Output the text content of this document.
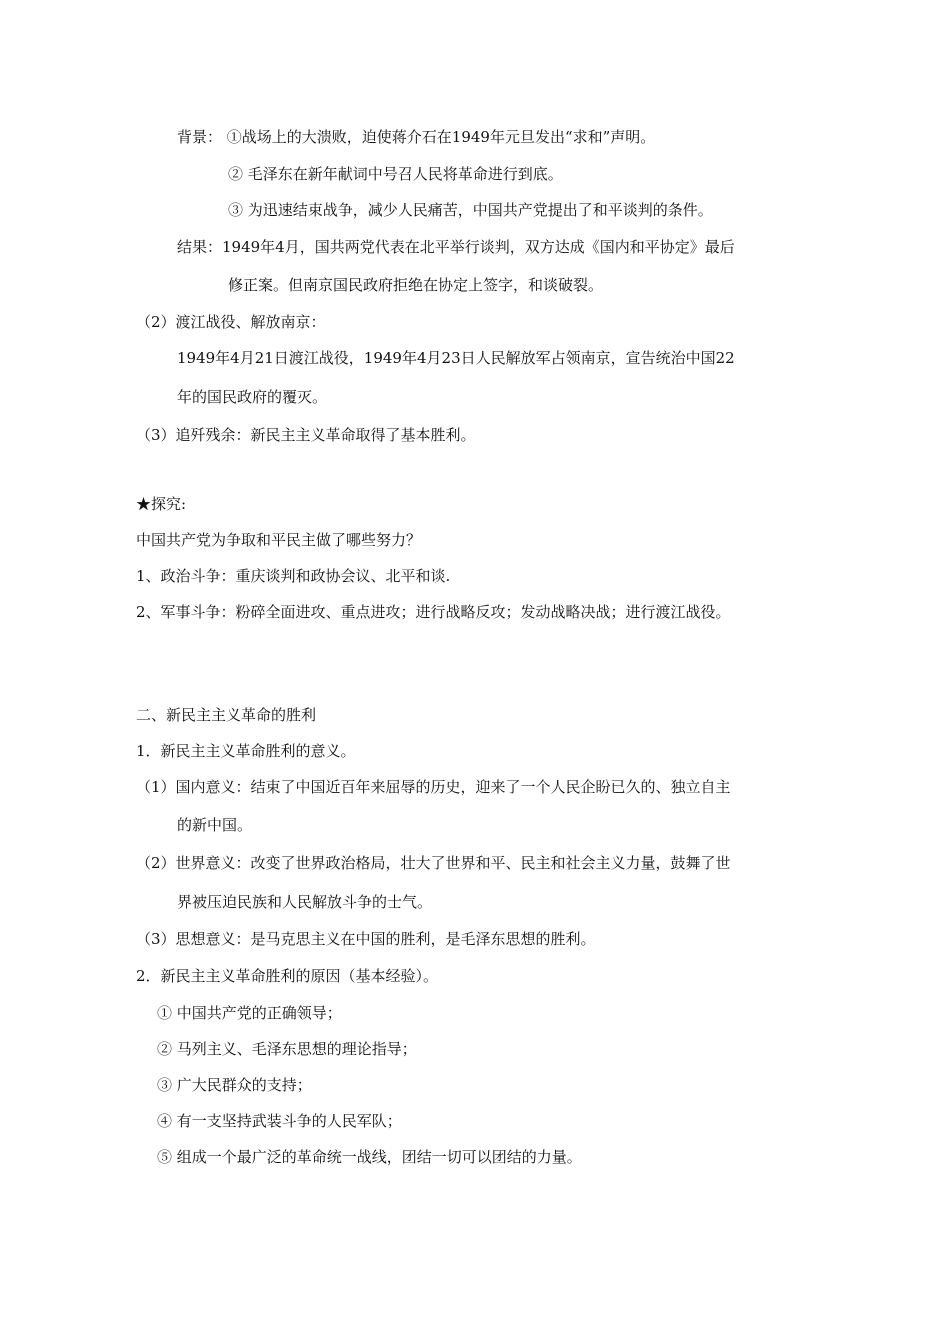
背景： ①战场上的大溃败，迫使蒋介石在1949年元旦发出“求和”声明。
② 毛泽东在新年献词中号召人民将革命进行到底。
③ 为迅速结束战争，减少人民痛苦，中国共产党提出了和平谈判的条件。
结果：1949年4月，国共两党代表在北平举行谈判，双方达成《国内和平协定》最后
修正案。但南京国民政府拒绝在协定上签字，和谈破裂。
（2）渡江战役、解放南京：
1949年4月21日渡江战役，1949年4月23日人民解放军占领南京，宣告统治中国22
年的国民政府的覆灭。
（3）追歼残余：新民主主义革命取得了基本胜利。
★探究:
中国共产党为争取和平民主做了哪些努力？
1、政治斗争：重庆谈判和政协会议、北平和谈.
2、军事斗争：粉碎全面进攻、重点进攻；进行战略反攻；发动战略决战；进行渡江战役。
二、新民主主义革命的胜利
1．新民主主义革命胜利的意义。
（1）国内意义：结束了中国近百年来屈辱的历史，迎来了一个人民企盼已久的、独立自主
的新中国。
（2）世界意义：改变了世界政治格局，壮大了世界和平、民主和社会主义力量，鼓舞了世
界被压迫民族和人民解放斗争的士气。
（3）思想意义：是马克思主义在中国的胜利，是毛泽东思想的胜利。
2．新民主主义革命胜利的原因（基本经验）。
① 中国共产党的正确领导；
② 马列主义、毛泽东思想的理论指导；
③ 广大民群众的支持；
④ 有一支坚持武装斗争的人民军队；
⑤ 组成一个最广泛的革命统一战线，团结一切可以团结的力量。
